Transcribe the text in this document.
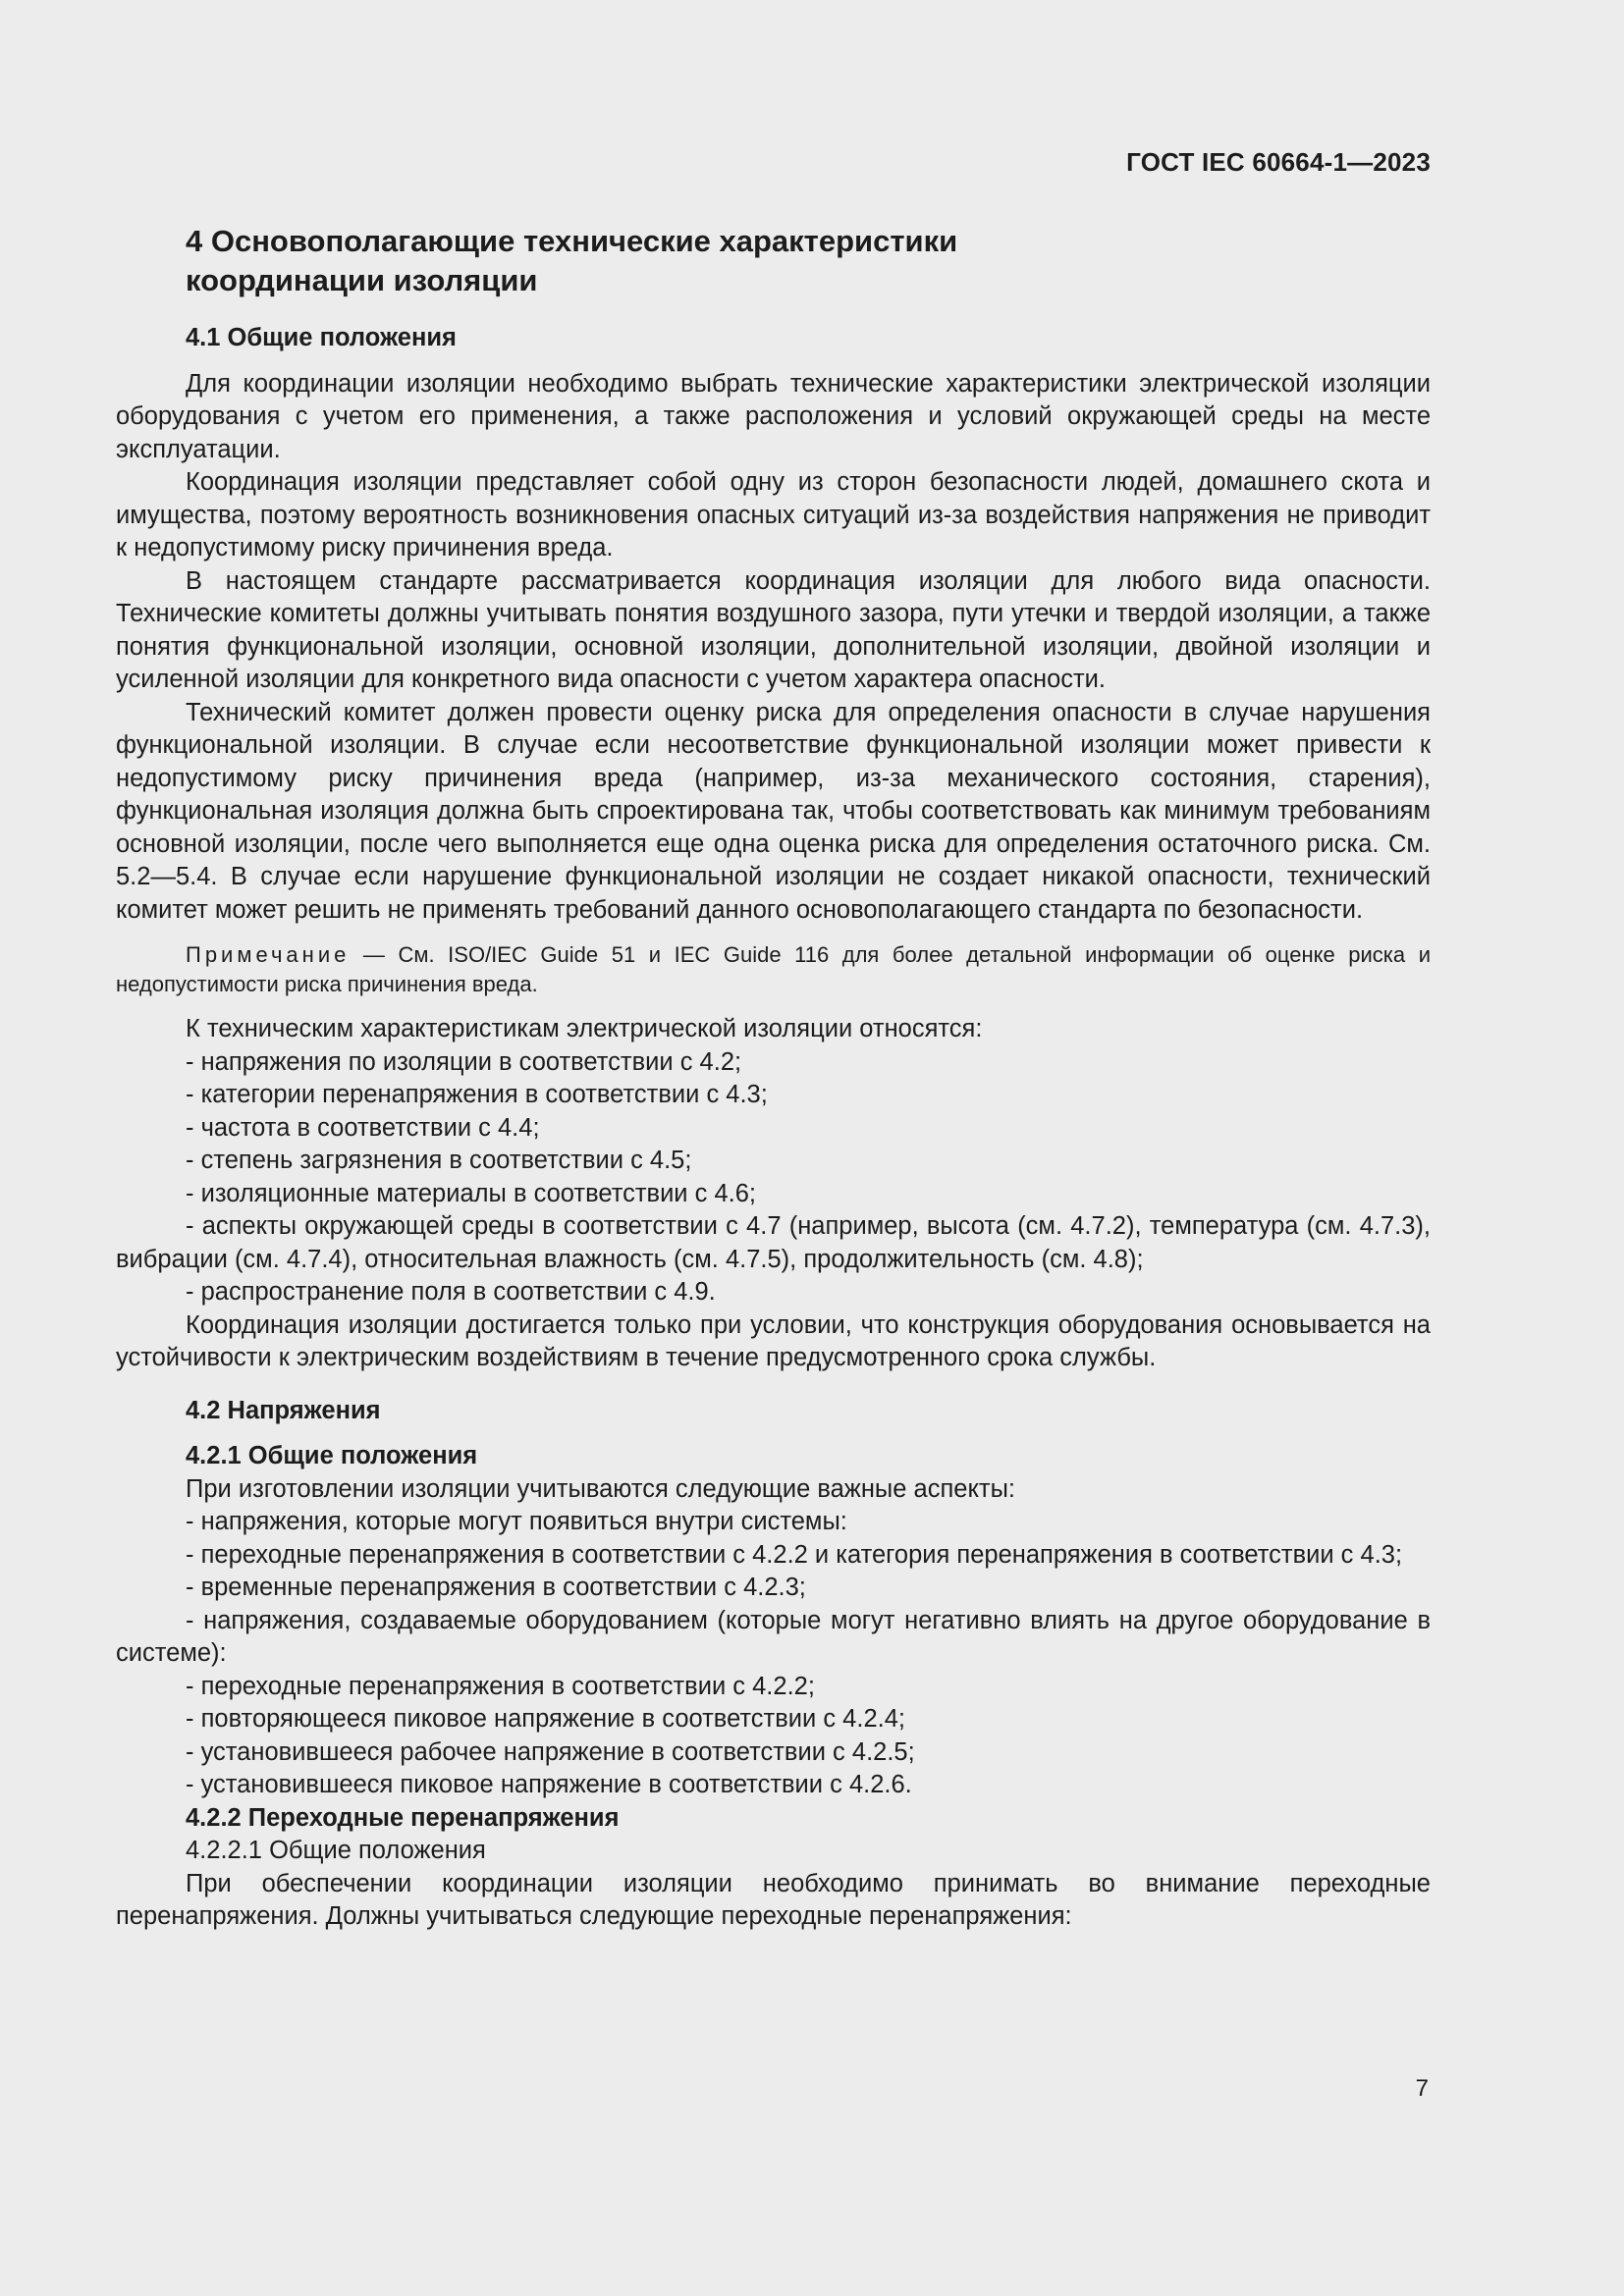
ГОСТ IEC 60664-1—2023
4 Основополагающие технические характеристики
координации изоляции
4.1 Общие положения

Для координации изоляции необходимо выбрать технические характеристики электрической изоляции оборудования с учетом его применения, а также расположения и условий окружающей среды на месте эксплуатации.

Координация изоляции представляет собой одну из сторон безопасности людей, домашнего скота и имущества, поэтому вероятность возникновения опасных ситуаций из-за воздействия напряжения не приводит к недопустимому риску причинения вреда.

В настоящем стандарте рассматривается координация изоляции для любого вида опасности. Технические комитеты должны учитывать понятия воздушного зазора, пути утечки и твердой изоляции, а также понятия функциональной изоляции, основной изоляции, дополнительной изоляции, двойной изоляции и усиленной изоляции для конкретного вида опасности с учетом характера опасности.

Технический комитет должен провести оценку риска для определения опасности в случае нарушения функциональной изоляции. В случае если несоответствие функциональной изоляции может привести к недопустимому риску причинения вреда (например, из-за механического состояния, старения), функциональная изоляция должна быть спроектирована так, чтобы соответствовать как минимум требованиям основной изоляции, после чего выполняется еще одна оценка риска для определения остаточного риска. См. 5.2—5.4. В случае если нарушение функциональной изоляции не создает никакой опасности, технический комитет может решить не применять требований данного основополагающего стандарта по безопасности.

Примечание — См. ISO/IEC Guide 51 и IEC Guide 116 для более детальной информации об оценке риска и недопустимости риска причинения вреда.

К техническим характеристикам электрической изоляции относятся:

- напряжения по изоляции в соответствии с 4.2;

- категории перенапряжения в соответствии с 4.3;

- частота в соответствии с 4.4;

- степень загрязнения в соответствии с 4.5;

- изоляционные материалы в соответствии с 4.6;

- аспекты окружающей среды в соответствии с 4.7 (например, высота (см. 4.7.2), температура (см. 4.7.3), вибрации (см. 4.7.4), относительная влажность (см. 4.7.5), продолжительность (см. 4.8);

- распространение поля в соответствии с 4.9.

Координация изоляции достигается только при условии, что конструкция оборудования основывается на устойчивости к электрическим воздействиям в течение предусмотренного срока службы.

4.2 Напряжения
4.2.1 Общие положения

При изготовлении изоляции учитываются следующие важные аспекты:

- напряжения, которые могут появиться внутри системы:

- переходные перенапряжения в соответствии с 4.2.2 и категория перенапряжения в соответствии с 4.3;

- временные перенапряжения в соответствии с 4.2.3;

- напряжения, создаваемые оборудованием (которые могут негативно влиять на другое оборудование в системе):

- переходные перенапряжения в соответствии с 4.2.2;

- повторяющееся пиковое напряжение в соответствии с 4.2.4;

- установившееся рабочее напряжение в соответствии с 4.2.5;

- установившееся пиковое напряжение в соответствии с 4.2.6.

4.2.2 Переходные перенапряжения
4.2.2.1 Общие положения

При обеспечении координации изоляции необходимо принимать во внимание переходные перенапряжения. Должны учитываться следующие переходные перенапряжения:

7
